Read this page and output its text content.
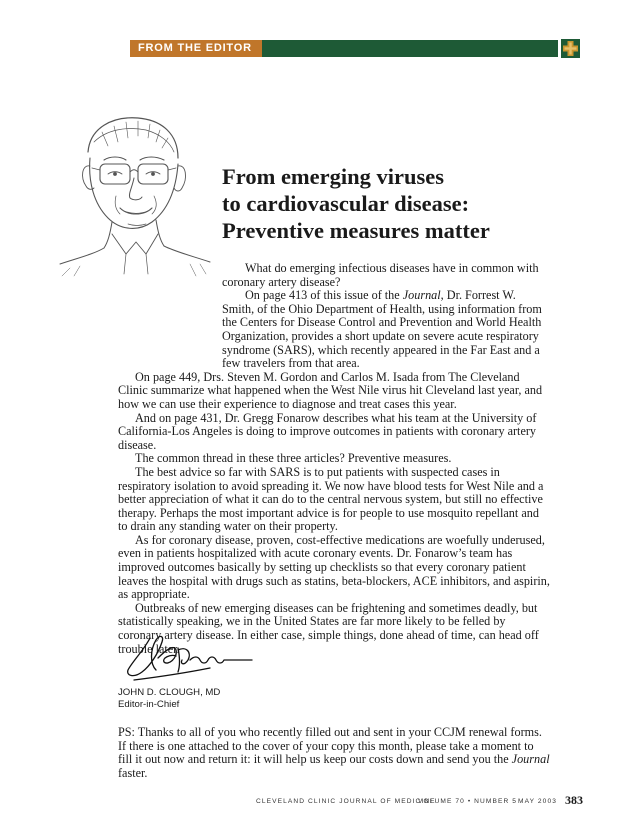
FROM THE EDITOR
From emerging viruses
to cardiovascular disease:
Preventive measures matter

What do emerging infectious diseases have in common with coronary artery disease?

On page 413 of this issue of the Journal, Dr. Forrest W. Smith, of the Ohio Department of Health, using information from the Centers for Disease Control and Prevention and World Health Organization, provides a short update on severe acute respiratory syndrome (SARS), which recently appeared in the Far East and a few travelers from that area.

On page 449, Drs. Steven M. Gordon and Carlos M. Isada from The Cleveland Clinic summarize what happened when the West Nile virus hit Cleveland last year, and how we can use their experience to diagnose and treat cases this year.

And on page 431, Dr. Gregg Fonarow describes what his team at the University of California-Los Angeles is doing to improve outcomes in patients with coronary artery disease.

The common thread in these three articles? Preventive measures.

The best advice so far with SARS is to put patients with suspected cases in respiratory isolation to avoid spreading it. We now have blood tests for West Nile and a better appreciation of what it can do to the central nervous system, but still no effective therapy. Perhaps the most important advice is for people to use mosquito repellant and to drain any standing water on their property.

As for coronary disease, proven, cost-effective medications are woefully underused, even in patients hospitalized with acute coronary events. Dr. Fonarow’s team has improved outcomes basically by setting up checklists so that every coronary patient leaves the hospital with drugs such as statins, beta-blockers, ACE inhibitors, and aspirin, as appropriate.

Outbreaks of new emerging diseases can be frightening and sometimes deadly, but statistically speaking, we in the United States are far more likely to be felled by coronary artery disease. In either case, simple things, done ahead of time, can head off trouble later.

JOHN D. CLOUGH, MD
Editor-in-Chief

PS: Thanks to all of you who recently filled out and sent in your CCJM renewal forms. If there is one attached to the cover of your copy this month, please take a moment to fill it out now and return it: it will help us keep our costs down and send you the Journal faster.

CLEVELAND CLINIC JOURNAL OF MEDICINE
VOLUME 70 • NUMBER 5 MAY 2003 383
